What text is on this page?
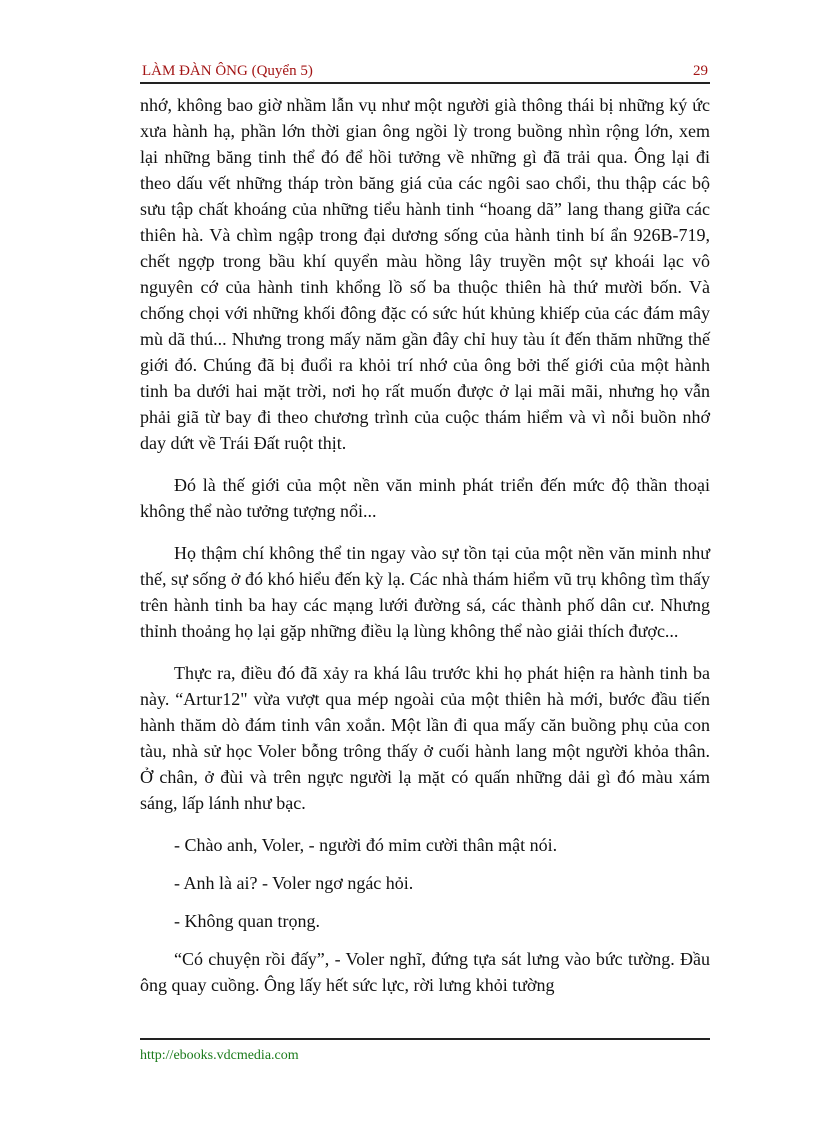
LÀM ĐÀN ÔNG (Quyển 5)	29

nhớ, không bao giờ nhầm lẫn vụ như một người già thông thái bị những ký ức xưa hành hạ, phần lớn thời gian ông ngồi lỳ trong buồng nhìn rộng lớn, xem lại những băng tinh thể đó để hồi tưởng về những gì đã trải qua. Ông lại đi theo dấu vết những tháp tròn băng giá của các ngôi sao chổi, thu thập các bộ sưu tập chất khoáng của những tiểu hành tinh “hoang dã” lang thang giữa các thiên hà. Và chìm ngập trong đại dương sống của hành tinh bí ẩn 926B-719, chết ngợp trong bầu khí quyển màu hồng lây truyền một sự khoái lạc vô nguyên cớ của hành tinh khổng lồ số ba thuộc thiên hà thứ mười bốn. Và chống chọi với những khối đông đặc có sức hút khủng khiếp của các đám mây mù dã thú... Nhưng trong mấy năm gần đây chỉ huy tàu ít đến thăm những thế giới đó. Chúng đã bị đuổi ra khỏi trí nhớ của ông bởi thế giới của một hành tinh ba dưới hai mặt trời, nơi họ rất muốn được ở lại mãi mãi, nhưng họ vẫn phải giã từ bay đi theo chương trình của cuộc thám hiểm và vì nỗi buồn nhớ day dứt về Trái Đất ruột thịt.

Đó là thế giới của một nền văn minh phát triển đến mức độ thần thoại không thể nào tưởng tượng nổi...

Họ thậm chí không thể tin ngay vào sự tồn tại của một nền văn minh như thế, sự sống ở đó khó hiểu đến kỳ lạ. Các nhà thám hiểm vũ trụ không tìm thấy trên hành tinh ba hay các mạng lưới đường sá, các thành phố dân cư. Nhưng thỉnh thoảng họ lại gặp những điều lạ lùng không thể nào giải thích được...

Thực ra, điều đó đã xảy ra khá lâu trước khi họ phát hiện ra hành tinh ba này. “Artur12" vừa vượt qua mép ngoài của một thiên hà mới, bước đầu tiến hành thăm dò đám tinh vân xoắn. Một lần đi qua mấy căn buồng phụ của con tàu, nhà sử học Voler bỗng trông thấy ở cuối hành lang một người khỏa thân. Ở chân, ở đùi và trên ngực người lạ mặt có quấn những dải gì đó màu xám sáng, lấp lánh như bạc.

- Chào anh, Voler, - người đó mỉm cười thân mật nói.

- Anh là ai? - Voler ngơ ngác hỏi.

- Không quan trọng.

“Có chuyện rồi đấy”, - Voler nghĩ, đứng tựa sát lưng vào bức tường. Đầu ông quay cuồng. Ông lấy hết sức lực, rời lưng khỏi tường

http://ebooks.vdcmedia.com
